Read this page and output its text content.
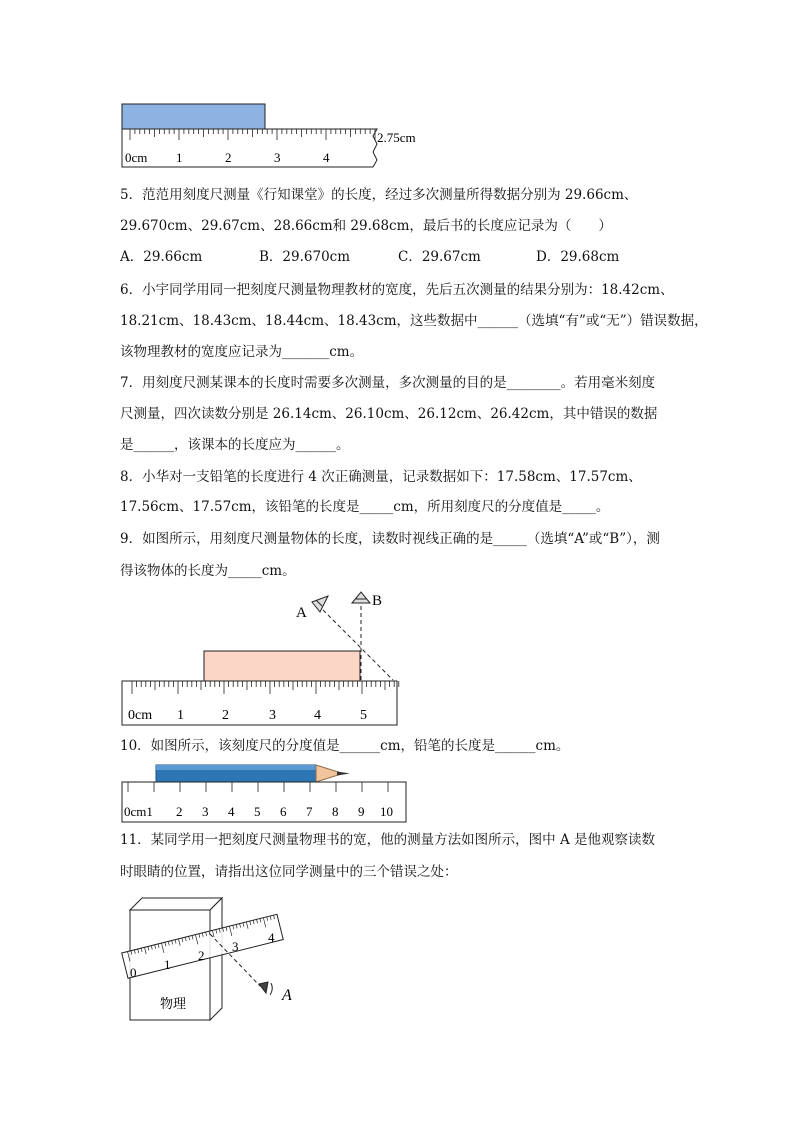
0cm 1	2	3	4
2.75cm
5．范范用刻度尺测量《行知课堂》的长度，经过多次测量所得数据分别为 29.66cm、
29.670cm、29.67cm、28.66cm和 29.68cm，最后书的长度应记录为（　　）
A．29.66cm	B．29.670cm	C．29.67cm	D．29.68cm
6．小宇同学用同一把刻度尺测量物理教材的宽度，先后五次测量的结果分别为：18.42cm、
18.21cm、18.43cm、18.44cm、18.43cm，这些数据中______（选填“有”或“无”）错误数据，
该物理教材的宽度应记录为_______cm。
7．用刻度尺测某课本的长度时需要多次测量，多次测量的目的是________。若用毫米刻度
尺测量，四次读数分别是 26.14cm、26.10cm、26.12cm、26.42cm，其中错误的数据
是______，该课本的长度应为______。
8．小华对一支铅笔的长度进行 4 次正确测量，记录数据如下：17.58cm、17.57cm、
17.56cm、17.57cm，该铅笔的长度是_____cm，所用刻度尺的分度值是_____。
9．如图所示，用刻度尺测量物体的长度，读数时视线正确的是_____（选填“A”或“B”），测
得该物体的长度为_____cm。
A
B
0cm 1	2	3	4	5
10．如图所示，该刻度尺的分度值是______cm，铅笔的长度是______cm。
0cm1 2 3 4 5 6 7 8 9 10
11．某同学用一把刻度尺测量物理书的宽，他的测量方法如图所示，图中 A 是他观察读数
时眼睛的位置，请指出这位同学测量中的三个错误之处：
0
1
2
3
4
A
物理
